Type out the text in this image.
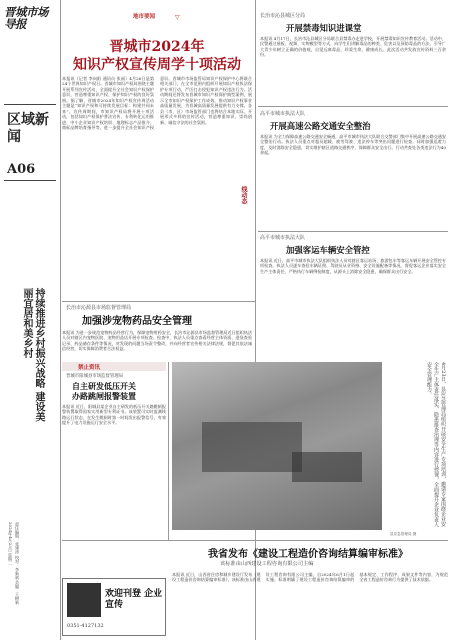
晋城市场导报
区域新闻
A06
持续推进乡村振兴战略 建设美丽宜居和美乡村
2024年4月23日 星期二 责任编辑：张建涛 校对：李新斌 美编：王树新
地市要闻	▽
晋城市2024年
知识产权宣传周学十项活动
本报讯（记者 李向阳 通讯员 张丽）4月26日是第24个世界知识产权日。晋城市知识产权局围绕主题开展系列宣传活动，全面提升全社会知识产权保护意识，营造尊重知识产权、保护知识产权的良好氛围。据了解，晋城市2024年知识产权宣传周活动主题是“知识产权和可持续发展目标：构建共同未来”。宣传周期间，市知识产权局将开展十项活动，包括知识产权保护普法宣传、专利转化运用推进、中小企业知识产权培训、地理标志产品推介、商标品牌培育指导等，进一步提升全社会知识产权意识。晋城市市场监管局知识产权保护中心将联合相关部门，在全市范围内组织开展知识产权执法保护专项行动，严厉打击侵犯知识产权违法行为。活动期间还将发布晋城市知识产权保护典型案例，展示全市知识产权保护工作成效，推动知识产权事业高质量发展，为晋城高质量发展提供有力支撑。各县（市、区）市场监管部门也将结合本地实际，开展形式多样的宣传活动，营造尊重知识、崇尚创新、诚信守法的社会氛围。
长治市沁县城区分局
开展禁毒知识进课堂
本报讯 4月17日，长治市沁县城区分局联合县禁毒办走进学校，开展禁毒知识宣传教育活动。活动中，民警通过展板、视频、实物模型等方式，向学生们讲解毒品的种类、危害以及预防毒品的方法，引导广大青少年树立正确的价值观，自觉远离毒品，珍爱生命，健康成长。此次活动共发放宣传资料三百余份。
线动态
高平市城市执法大队
开展高速公路交通安全整治
本报讯 为全力保障高速公路交通安全畅通，高平市城市执法大队联合交警部门集中开展高速公路交通安全整治行动。执法人员重点对超员超载、疲劳驾驶、违法停车等突出问题进行检查，同时加强巡逻力度，及时消除安全隐患，切实维护辖区道路交通秩序，保障群众安全出行。行动共查处各类违法行为40余起。
高平市城市执法大队
加强客运车辆安全管控
本报讯 近日，高平市城市执法大队组织执法人员对辖区客运站场、旅游包车等客运车辆开展安全管控专项检查。执法人员逐车查验车辆证照、驾驶员从业资格、安全设施配备等情况，督促客运企业落实安全生产主体责任，严格执行车辆例检制度，从源头上消除安全隐患，确保群众出行安全。
长治市沁源县市场监督管理局
加强涉宠物药品安全管理
本报讯 为进一步规范宠物药品经营行为，保障宠物用药安全，长治市沁源县市场监督管理局近日组织执法人员对辖区内宠物医院、宠物用品店开展专项检查。检查中，执法人员重点查看经营主体资质、进货查验记录、药品储存条件等情况，对发现的问题当场责令整改，并向经营者宣传相关法律法规，督促其依法诚信经营，切实保障消费者合法权益。
禁止资讯
晋城市阳城县市场监督管理局
自主研发低压开关
办路跳闸报警装置
本报讯 近日，阳城县某企业自主研发的低压开关路跳闸报警装置取得国家实用新型专利证书。该装置可实时监测线路运行状态，在发生跳闸时第一时间发出报警信号，有效提升了电力设施运行安全水平。	4月23日，县应急管理局组织开展安全生产专项培训，邀请专家围绕企业安全生产主体责任落实、隐患排查治理等内容进行授课，全面提升企业负责人安全管理能力。
县应急管理局 摄
我省发布《建设工程造价咨询结算编审标准》
该标准由山西建设工程咨询有限公司主编
本报讯 近日，山西省住房和城乡建设厅发布《建设工程造价咨询结算编审标准》，该标准由山西建设工程咨询有限公司主编，自2024年6月1日起实施。标准明确了建设工程造价咨询结算编审的基本规定、工作程序、成果文件等内容，为规范全省工程造价咨询行为提供了技术依据。
欢迎刊登 企业宣传
0351-4127132
